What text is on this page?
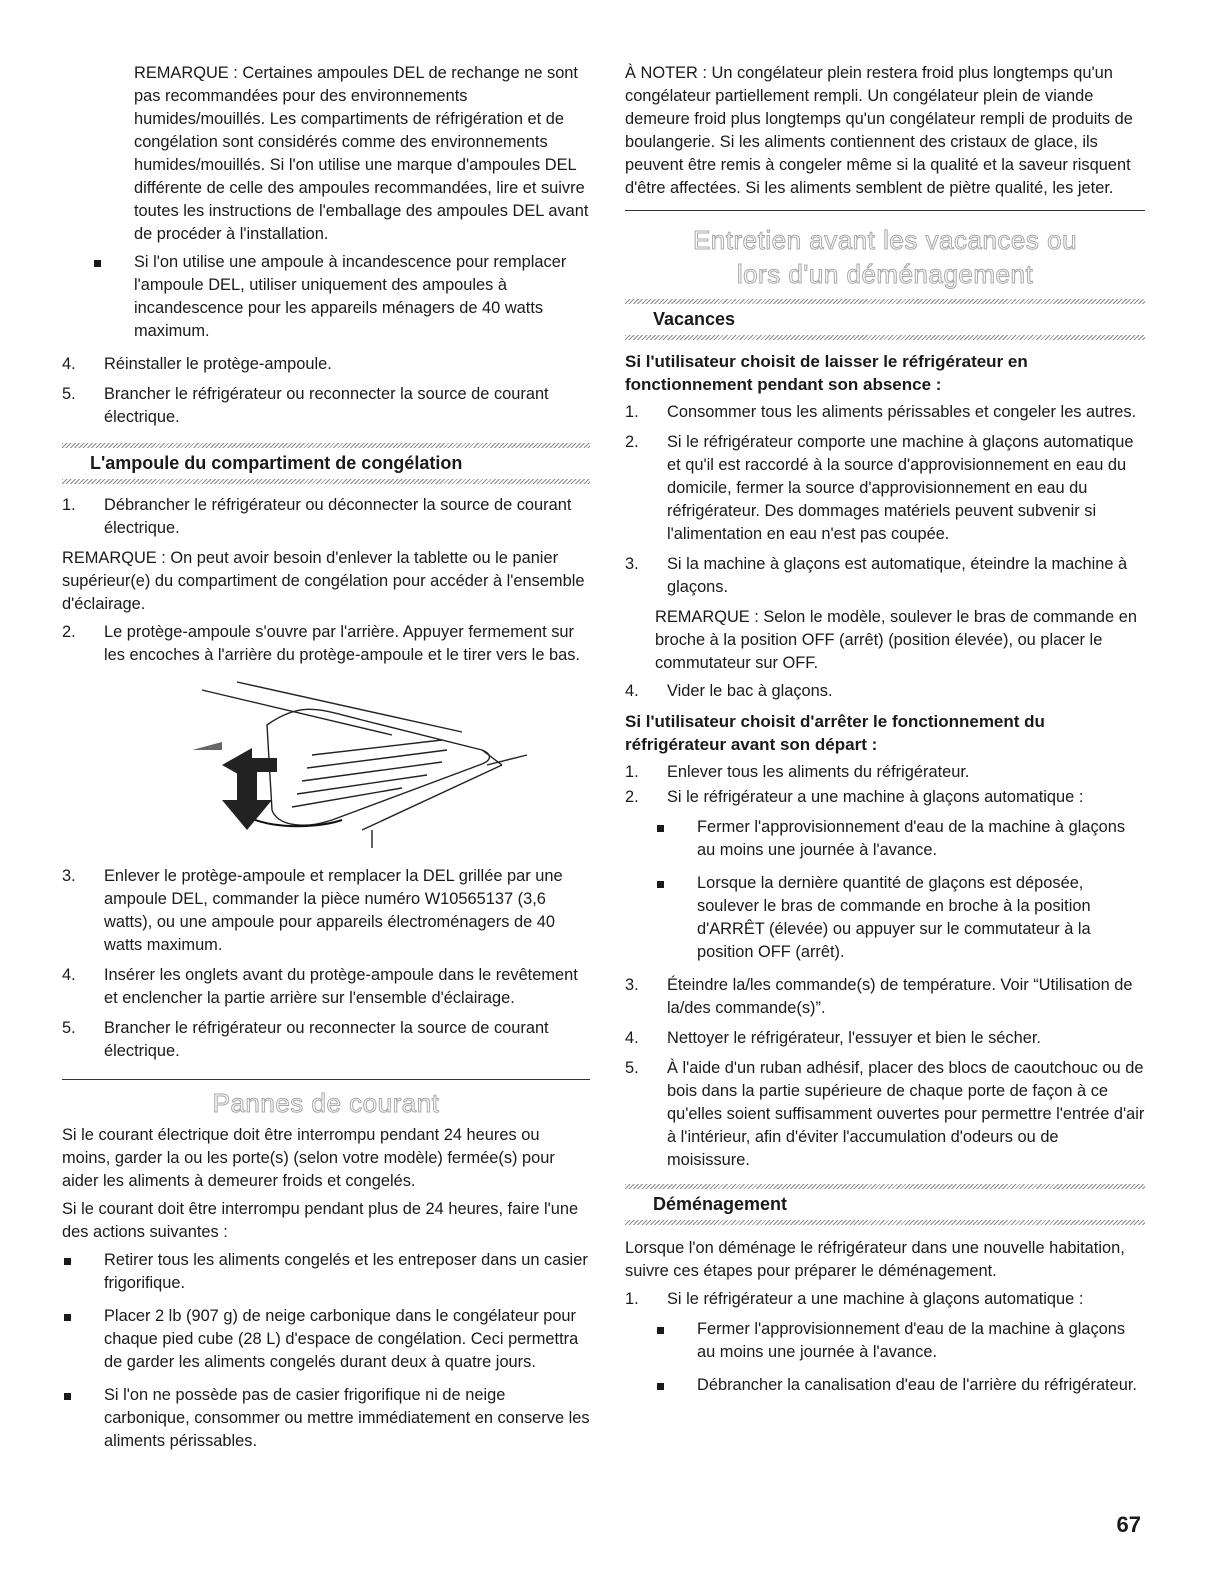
REMARQUE : Certaines ampoules DEL de rechange ne sont pas recommandées pour des environnements humides/mouillés. Les compartiments de réfrigération et de congélation sont considérés comme des environnements humides/mouillés. Si l'on utilise une marque d'ampoules DEL différente de celle des ampoules recommandées, lire et suivre toutes les instructions de l'emballage des ampoules DEL avant de procéder à l'installation.

Si l'on utilise une ampoule à incandescence pour remplacer l'ampoule DEL, utiliser uniquement des ampoules à incandescence pour les appareils ménagers de 40 watts maximum.
4. Réinstaller le protège-ampoule.
5. Brancher le réfrigérateur ou reconnecter la source de courant électrique.
L'ampoule du compartiment de congélation
1. Débrancher le réfrigérateur ou déconnecter la source de courant électrique.

REMARQUE : On peut avoir besoin d'enlever la tablette ou le panier supérieur(e) du compartiment de congélation pour accéder à l'ensemble d'éclairage.

2. Le protège-ampoule s'ouvre par l'arrière. Appuyer fermement sur les encoches à l'arrière du protège-ampoule et le tirer vers le bas.
3. Enlever le protège-ampoule et remplacer la DEL grillée par une ampoule DEL, commander la pièce numéro W10565137 (3,6 watts), ou une ampoule pour appareils électroménagers de 40 watts maximum.
4. Insérer les onglets avant du protège-ampoule dans le revêtement et enclencher la partie arrière sur l'ensemble d'éclairage.
5. Brancher le réfrigérateur ou reconnecter la source de courant électrique.
Pannes de courant

Si le courant électrique doit être interrompu pendant 24 heures ou moins, garder la ou les porte(s) (selon votre modèle) fermée(s) pour aider les aliments à demeurer froids et congelés.

Si le courant doit être interrompu pendant plus de 24 heures, faire l'une des actions suivantes :

Retirer tous les aliments congelés et les entreposer dans un casier frigorifique.
Placer 2 lb (907 g) de neige carbonique dans le congélateur pour chaque pied cube (28 L) d'espace de congélation. Ceci permettra de garder les aliments congelés durant deux à quatre jours.
Si l'on ne possède pas de casier frigorifique ni de neige carbonique, consommer ou mettre immédiatement en conserve les aliments périssables.

À NOTER : Un congélateur plein restera froid plus longtemps qu'un congélateur partiellement rempli. Un congélateur plein de viande demeure froid plus longtemps qu'un congélateur rempli de produits de boulangerie. Si les aliments contiennent des cristaux de glace, ils peuvent être remis à congeler même si la qualité et la saveur risquent d'être affectées. Si les aliments semblent de piètre qualité, les jeter.

Entretien avant les vacances ou
lors d'un déménagement
Vacances

Si l'utilisateur choisit de laisser le réfrigérateur en fonctionnement pendant son absence :

1. Consommer tous les aliments périssables et congeler les autres.
2. Si le réfrigérateur comporte une machine à glaçons automatique et qu'il est raccordé à la source d'approvisionnement en eau du domicile, fermer la source d'approvisionnement en eau du réfrigérateur. Des dommages matériels peuvent subvenir si l'alimentation en eau n'est pas coupée.
3. Si la machine à glaçons est automatique, éteindre la machine à glaçons.

REMARQUE : Selon le modèle, soulever le bras de commande en broche à la position OFF (arrêt) (position élevée), ou placer le commutateur sur OFF.

4. Vider le bac à glaçons.

Si l'utilisateur choisit d'arrêter le fonctionnement du réfrigérateur avant son départ :

1. Enlever tous les aliments du réfrigérateur.
2. Si le réfrigérateur a une machine à glaçons automatique :
Fermer l'approvisionnement d'eau de la machine à glaçons au moins une journée à l'avance.
Lorsque la dernière quantité de glaçons est déposée, soulever le bras de commande en broche à la position d'ARRÊT (élevée) ou appuyer sur le commutateur à la position OFF (arrêt).
3. Éteindre la/les commande(s) de température. Voir “Utilisation de la/des commande(s)”.
4. Nettoyer le réfrigérateur, l'essuyer et bien le sécher.
5. À l'aide d'un ruban adhésif, placer des blocs de caoutchouc ou de bois dans la partie supérieure de chaque porte de façon à ce qu'elles soient suffisamment ouvertes pour permettre l'entrée d'air à l'intérieur, afin d'éviter l'accumulation d'odeurs ou de moisissure.
Déménagement

Lorsque l'on déménage le réfrigérateur dans une nouvelle habitation, suivre ces étapes pour préparer le déménagement.

1. Si le réfrigérateur a une machine à glaçons automatique :
Fermer l'approvisionnement d'eau de la machine à glaçons au moins une journée à l'avance.
Débrancher la canalisation d'eau de l'arrière du réfrigérateur.
67
